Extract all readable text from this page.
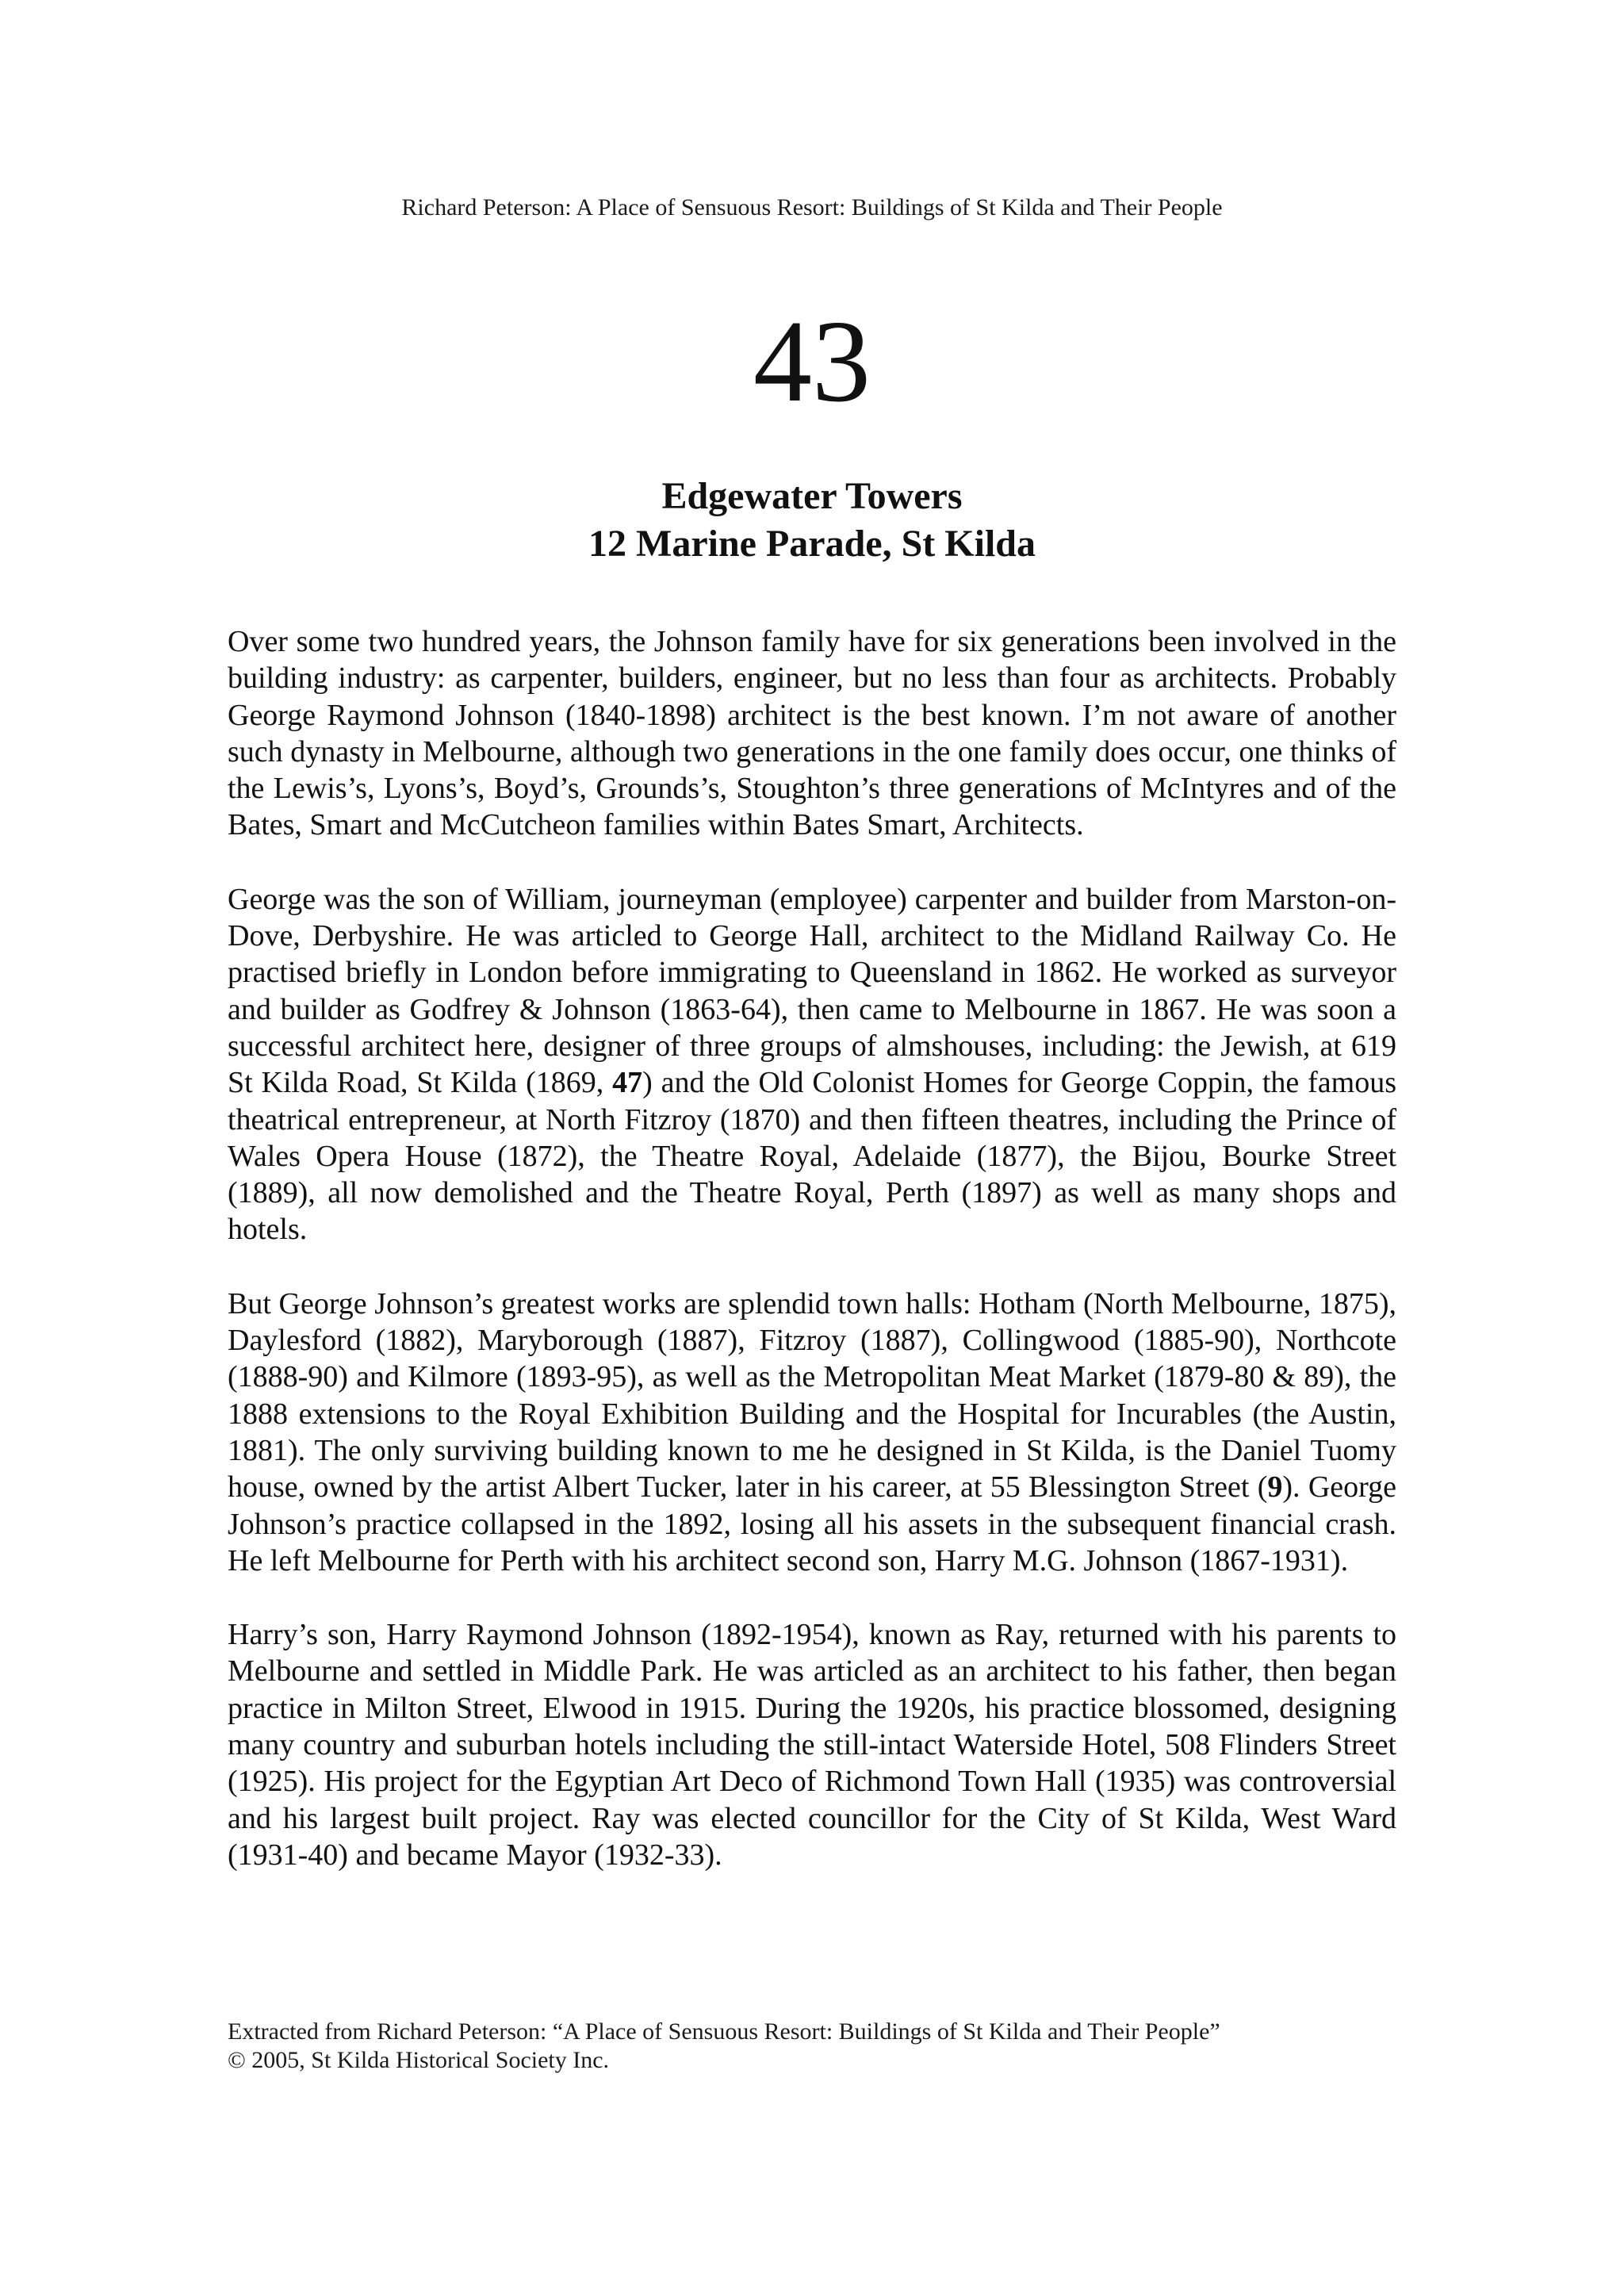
Richard Peterson: A Place of Sensuous Resort: Buildings of St Kilda and Their People
43
Edgewater Towers
12 Marine Parade, St Kilda

Over some two hundred years, the Johnson family have for six generations been involved in the building industry: as carpenter, builders, engineer, but no less than four as architects. Probably George Raymond Johnson (1840-1898) architect is the best known. I’m not aware of another such dynasty in Melbourne, although two generations in the one family does occur, one thinks of the Lewis’s, Lyons’s, Boyd’s, Grounds’s, Stoughton’s three generations of McIntyres and of the Bates, Smart and McCutcheon families within Bates Smart, Architects.

George was the son of William, journeyman (employee) carpenter and builder from Marston-on-Dove, Derbyshire. He was articled to George Hall, architect to the Midland Railway Co. He practised briefly in London before immigrating to Queensland in 1862. He worked as surveyor and builder as Godfrey & Johnson (1863-64), then came to Melbourne in 1867. He was soon a successful architect here, designer of three groups of almshouses, including: the Jewish, at 619 St Kilda Road, St Kilda (1869, 47) and the Old Colonist Homes for George Coppin, the famous theatrical entrepreneur, at North Fitzroy (1870) and then fifteen theatres, including the Prince of Wales Opera House (1872), the Theatre Royal, Adelaide (1877), the Bijou, Bourke Street (1889), all now demolished and the Theatre Royal, Perth (1897) as well as many shops and hotels.

But George Johnson’s greatest works are splendid town halls: Hotham (North Melbourne, 1875), Daylesford (1882), Maryborough (1887), Fitzroy (1887), Collingwood (1885-90), Northcote (1888-90) and Kilmore (1893-95), as well as the Metropolitan Meat Market (1879-80 & 89), the 1888 extensions to the Royal Exhibition Building and the Hospital for Incurables (the Austin, 1881). The only surviving building known to me he designed in St Kilda, is the Daniel Tuomy house, owned by the artist Albert Tucker, later in his career, at 55 Blessington Street (9). George Johnson’s practice collapsed in the 1892, losing all his assets in the subsequent financial crash. He left Melbourne for Perth with his architect second son, Harry M.G. Johnson (1867-1931).

Harry’s son, Harry Raymond Johnson (1892-1954), known as Ray, returned with his parents to Melbourne and settled in Middle Park. He was articled as an architect to his father, then began practice in Milton Street, Elwood in 1915. During the 1920s, his practice blossomed, designing many country and suburban hotels including the still-intact Waterside Hotel, 508 Flinders Street (1925). His project for the Egyptian Art Deco of Richmond Town Hall (1935) was controversial and his largest built project. Ray was elected councillor for the City of St Kilda, West Ward (1931-40) and became Mayor (1932-33).

Extracted from Richard Peterson: “A Place of Sensuous Resort: Buildings of St Kilda and Their People”
© 2005, St Kilda Historical Society Inc.
